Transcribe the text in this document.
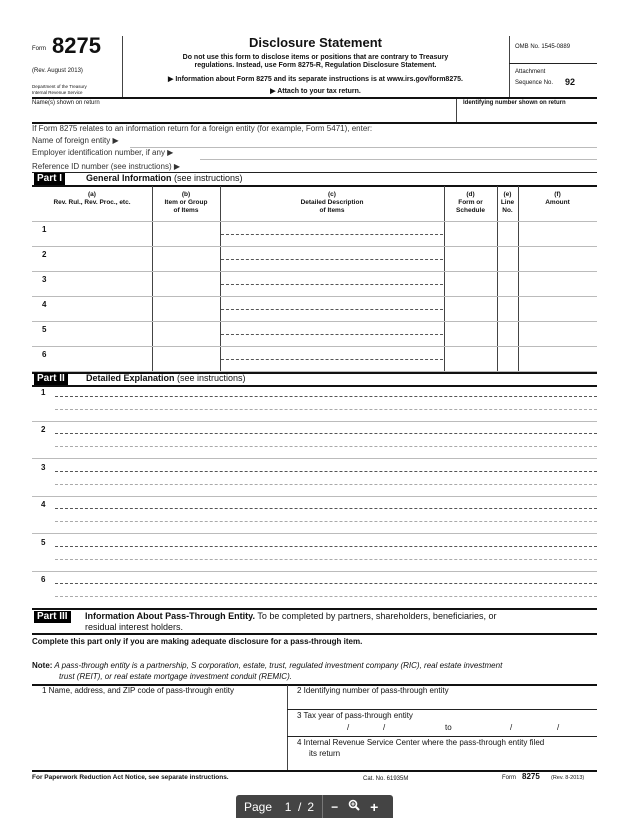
Form 8275
(Rev. August 2013)
Department of the Treasury
Internal Revenue Service
Disclosure Statement
Do not use this form to disclose items or positions that are contrary to Treasury
regulations. Instead, use Form 8275-R, Regulation Disclosure Statement.
▶ Information about Form 8275 and its separate instructions is at www.irs.gov/form8275.
▶ Attach to your tax return.
OMB No. 1545-0889
Attachment
Sequence No. 92
Name(s) shown on return	Identifying number shown on return
If Form 8275 relates to an information return for a foreign entity (for example, Form 5471), enter:
Name of foreign entity ▶
Employer identification number, if any ▶
Reference ID number (see instructions) ▶
Part I	General Information (see instructions)
(a)
Rev. Rul., Rev. Proc., etc.
(b)
Item or Group
of Items
(c)
Detailed Description
of Items
(d)
Form or
Schedule
(e)
Line
No.
(f)
Amount
1
2
3
4
5
6
Part II	Detailed Explanation (see instructions)
1
2
3
4
5
6
Part III	Information About Pass-Through Entity. To be completed by partners, shareholders, beneficiaries, or
residual interest holders.
Complete this part only if you are making adequate disclosure for a pass-through item.
Note: A pass-through entity is a partnership, S corporation, estate, trust, regulated investment company (RIC), real estate investment
trust (REIT), or real estate mortgage investment conduit (REMIC).
1 Name, address, and ZIP code of pass-through entity	2 Identifying number of pass-through entity
3 Tax year of pass-through entity
/	/	to	/	/
4 Internal Revenue Service Center where the pass-through entity filed
its return
For Paperwork Reduction Act Notice, see separate instructions.	Cat. No. 61935M	Form 8275 (Rev. 8-2013)
Page	1 / 2 − +
